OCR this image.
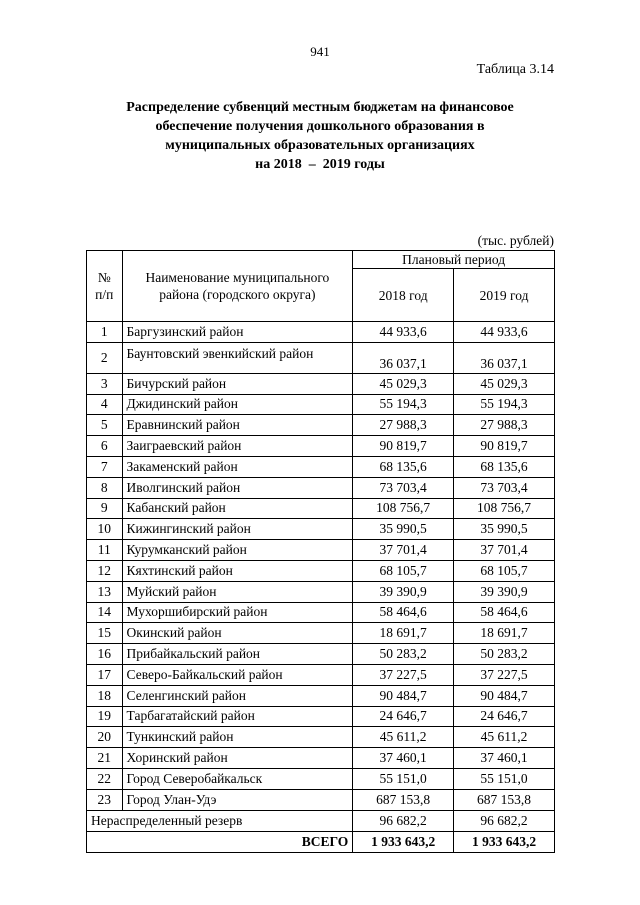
941
Таблица 3.14
Распределение субвенций местным бюджетам на финансовое
обеспечение получения дошкольного образования в
муниципальных образовательных организациях
на 2018  –  2019 годы
(тыс. рублей)
№
п/п	Наименование муниципального района (городского округа)	Плановый период	
		2018 год	2019 год
1	Баргузинский район	44 933,6	44 933,6
2	Баунтовский эвенкийский район	36 037,1	36 037,1
3	Бичурский район	45 029,3	45 029,3
4	Джидинский район	55 194,3	55 194,3
5	Еравнинский район	27 988,3	27 988,3
6	Заиграевский район	90 819,7	90 819,7
7	Закаменский район	68 135,6	68 135,6
8	Иволгинский район	73 703,4	73 703,4
9	Кабанский район	108 756,7	108 756,7
10	Кижингинский район	35 990,5	35 990,5
11	Курумканский район	37 701,4	37 701,4
12	Кяхтинский район	68 105,7	68 105,7
13	Муйский район	39 390,9	39 390,9
14	Мухоршибирский район	58 464,6	58 464,6
15	Окинский район	18 691,7	18 691,7
16	Прибайкальский район	50 283,2	50 283,2
17	Северо-Байкальский район	37 227,5	37 227,5
18	Селенгинский район	90 484,7	90 484,7
19	Тарбагатайский район	24 646,7	24 646,7
20	Тункинский район	45 611,2	45 611,2
21	Хоринский район	37 460,1	37 460,1
22	Город Северобайкальск	55 151,0	55 151,0
23	Город Улан-Удэ	687 153,8	687 153,8
Нераспределенный резерв		96 682,2	96 682,2
ВСЕГО		1 933 643,2	1 933 643,2
